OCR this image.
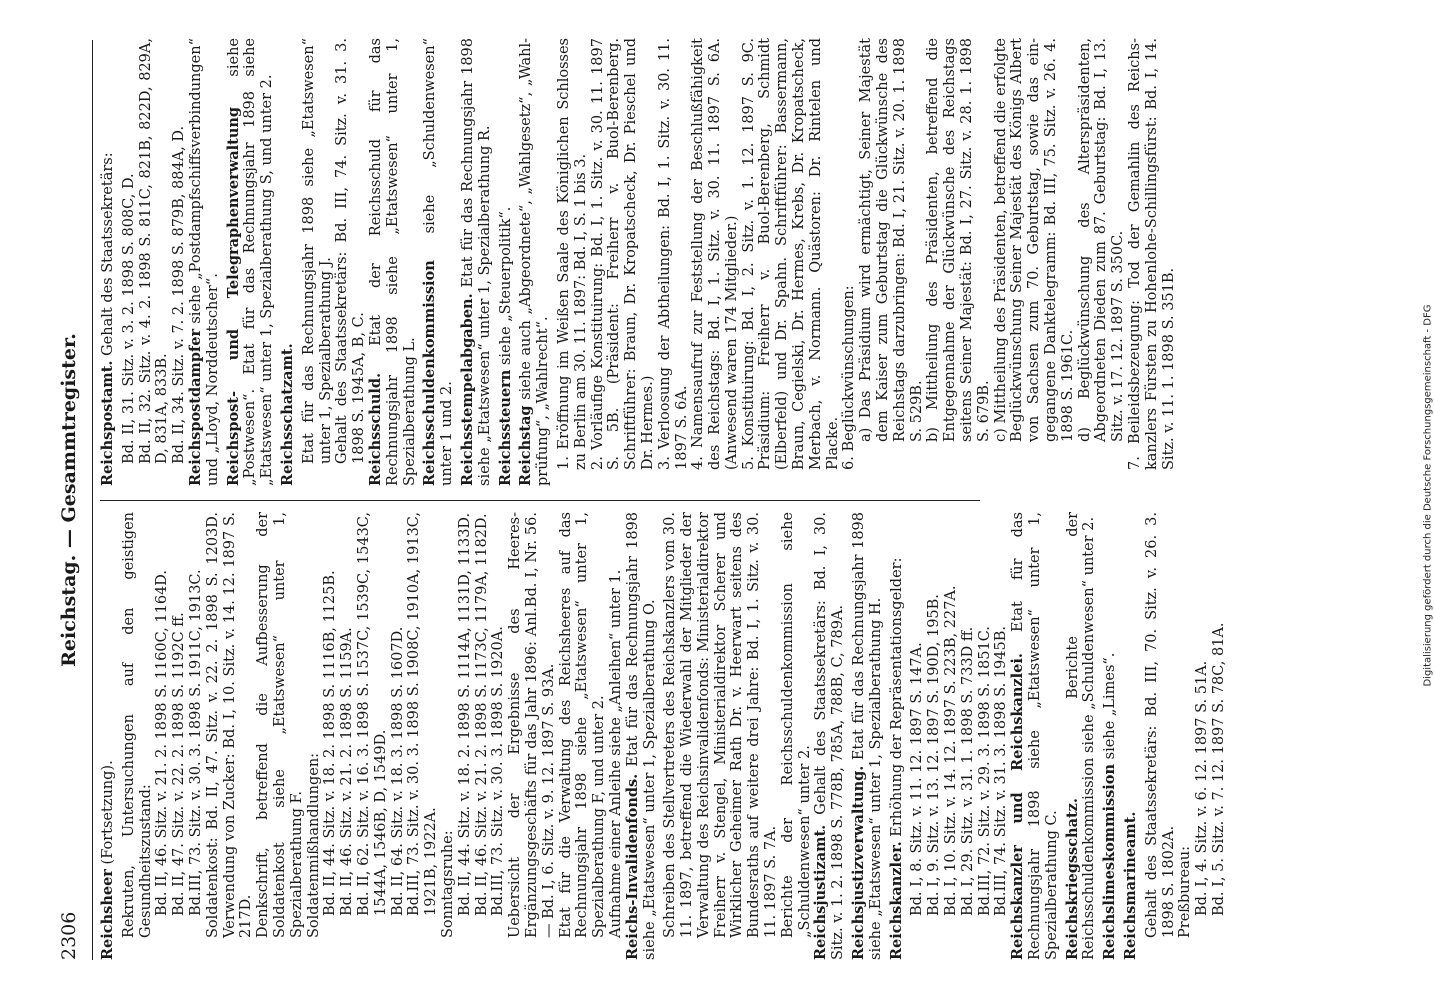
2306
Reichstag. — Gesammtregister.

Reichsheer (Fortsetzung). Rekruten, Untersuchungen auf den geistigen Gesundheitszustand: Bd. II, 46. Sitz. v. 21. 2. 1898 S. 1160C, 1164D. Bd. II, 47. Sitz. v. 22. 2. 1898 S. 1192C ff. Bd.III, 73. Sitz. v. 30. 3. 1898 S. 1911C, 1913C. Soldatenkost: Bd. II, 47. Sitz. v. 22. 2. 1898 S. 1203D. Verwendung von Zucker: Bd. I, 10. Sitz. v. 14. 12. 1897 S. 217D. Denkschrift, betreffend die Aufbesserung der Soldatenkost siehe „Etatswesen“ unter 1, Spezialberathung F. Soldatenmißhandlungen: Bd. II, 44. Sitz. v. 18. 2. 1898 S. 1116B, 1125B. Bd. II, 46. Sitz. v. 21. 2. 1898 S. 1159A. Bd. II, 62. Sitz. v. 16. 3. 1898 S. 1537C, 1539C, 1543C, 1544A, 1546B, D, 1549D. Bd. II, 64. Sitz. v. 18. 3. 1898 S. 1607D. Bd.III, 73. Sitz. v. 30. 3. 1898 S. 1908C, 1910A, 1913C, 1921B, 1922A. Sonntagsruhe: Bd. II, 44. Sitz. v. 18. 2. 1898 S. 1114A, 1131D, 1133D. Bd. II, 46. Sitz. v. 21. 2. 1898 S. 1173C, 1179A, 1182D. Bd.III, 73. Sitz. v. 30. 3. 1898 S. 1920A. Uebersicht der Ergebnisse des Heeres-Ergänzungsgeschäfts für das Jahr 1896: Anl.Bd. I, Nr. 56. — Bd. I, 6. Sitz. v. 9. 12. 1897 S. 93A. Etat für die Verwaltung des Reichsheeres auf das Rechnungsjahr 1898 siehe „Etatswesen“ unter 1, Spezialberathung F, und unter 2. Aufnahme einer Anleihe siehe „Anleihen“ unter 1. Reichs-Invalidenfonds. Etat für das Rechnungsjahr 1898 siehe „Etatswesen“ unter 1, Spezialberathung O. Schreiben des Stellvertreters des Reichskanzlers vom 30. 11. 1897, betreffend die Wiederwahl der Mitglieder der Verwaltung des Reichsinvalidenfonds: Ministerialdirektor Freiherr v. Stengel, Ministerialdirektor Scherer und Wirklicher Geheimer Rath Dr. v. Heerwart seitens des Bundesraths auf weitere drei Jahre: Bd. I, 1. Sitz. v. 30. 11. 1897 S. 7A. Berichte der Reichsschuldenkommission siehe „Schuldenwesen“ unter 2. Reichsjustizamt. Gehalt des Staatssekretärs: Bd. I, 30. Sitz. v. 1. 2. 1898 S. 778B, 785A, 788B, C, 789A. Reichsjustizverwaltung. Etat für das Rechnungsjahr 1898 siehe „Etatswesen“ unter 1, Spezialberathung H. Reichskanzler. Erhöhung der Repräsentationsgelder: Bd. I, 8. Sitz. v. 11. 12. 1897 S. 147A. Bd. I, 9. Sitz. v. 13. 12. 1897 S. 190D, 195B. Bd. I, 10. Sitz. v. 14. 12. 1897 S. 223B, 227A. Bd. I, 29. Sitz. v. 31. 1. 1898 S. 733D ff. Bd.III, 72. Sitz. v. 29. 3. 1898 S. 1851C. Bd.III, 74. Sitz. v. 31. 3. 1898 S. 1945B. Reichskanzler und Reichskanzlei. Etat für das Rechnungsjahr 1898 siehe „Etatswesen“ unter 1, Spezialberathung C. Reichskriegsschatz. Berichte der Reichsschuldenkommission siehe „Schuldenwesen“ unter 2. Reichslimeskommission siehe „Limes“.

Reichsmarineamt. Gehalt des Staatssekretärs: Bd. III, 70. Sitz. v. 26. 3. 1898 S. 1802A. Preßbureau: Bd. I, 4. Sitz. v. 6. 12. 1897 S. 51A. Bd. I, 5. Sitz. v. 7. 12. 1897 S. 78C, 81A.

Reichspostamt. Gehalt des Staatssekretärs: Bd. II, 31. Sitz. v. 3. 2. 1898 S. 808C, D. Bd. II, 32. Sitz. v. 4. 2. 1898 S. 811C, 821B, 822D, 829A, D, 831A, 833B. Bd. II, 34. Sitz. v. 7. 2. 1898 S. 879B, 884A, D. Reichspostdampfer siehe „Postdampfschiffsverbindungen“ und „Lloyd, Norddeutscher“. Reichspost- und Telegraphenverwaltung siehe „Postwesen“. Etat für das Rechnungsjahr 1898 siehe „Etatswesen“ unter 1, Spezialberathung S, und unter 2. Reichsschatzamt. Etat für das Rechnungsjahr 1898 siehe „Etatswesen“ unter 1, Spezialberathung J. Gehalt des Staatssekretärs: Bd. III, 74. Sitz. v. 31. 3. 1898 S. 1945A, B, C. Reichsschuld. Etat der Reichsschuld für das Rechnungsjahr 1898 siehe „Etatswesen“ unter 1, Spezialberathung L. Reichsschuldenkommission siehe „Schuldenwesen“ unter 1 und 2. Reichsstempelabgaben. Etat für das Rechnungsjahr 1898 siehe „Etatswesen“ unter 1, Spezialberathung R. Reichssteuern siehe „Steuerpolitik“.

Reichstag siehe auch „Abgeordnete“, „Wahlgesetz“, „Wahlprüfung“, „Wahlrecht“. 1. Eröffnung im Weißen Saale des Königlichen Schlosses zu Berlin am 30. 11. 1897: Bd. I, S. 1 bis 3. 2. Vorläufige Konstituirung: Bd. I, 1. Sitz. v. 30. 11. 1897 S. 5B. (Präsident: Freiherr v. Buol-Berenberg. Schriftführer: Braun, Dr. Kropatscheck, Dr. Pieschel und Dr. Hermes.) 3. Verloosung der Abtheilungen: Bd. I, 1. Sitz. v. 30. 11. 1897 S. 6A. 4. Namensaufruf zur Feststellung der Beschlußfähigkeit des Reichstags: Bd. I, 1. Sitz. v. 30. 11. 1897 S. 6A. (Anwesend waren 174 Mitglieder.) 5. Konstituirung: Bd. I, 2. Sitz. v. 1. 12. 1897 S. 9C. Präsidium: Freiherr v. Buol-Berenberg, Schmidt (Elberfeld) und Dr. Spahn. Schriftführer: Bassermann, Braun, Cegielski, Dr. Hermes, Krebs, Dr. Kropatscheck, Merbach, v. Normann. Quästoren: Dr. Rintelen und Placke. 6. Beglückwünschungen: a) Das Präsidium wird ermächtigt, Seiner Majestät dem Kaiser zum Geburtstag die Glückwünsche des Reichstags darzubringen: Bd. I, 21. Sitz. v. 20. 1. 1898 S. 529B. b) Mittheilung des Präsidenten, betreffend die Entgegennahme der Glückwünsche des Reichstags seitens Seiner Majestät: Bd. I, 27. Sitz. v. 28. 1. 1898 S. 679B. c) Mittheilung des Präsidenten, betreffend die erfolgte Beglückwünschung Seiner Majestät des Königs Albert von Sachsen zum 70. Geburtstag, sowie das eingegangene Danktelegramm: Bd. III, 75. Sitz. v. 26. 4. 1898 S. 1961C. d) Beglückwünschung des Alterspräsidenten, Abgeordneten Dieden zum 87. Geburtstag: Bd. I, 13. Sitz. v. 17. 12. 1897 S. 350C. 7. Beileidsbezeugung: Tod der Gemahlin des Reichskanzlers Fürsten zu Hohenlohe-Schillingsfürst: Bd. I, 14. Sitz. v. 11. 1. 1898 S. 351B.	Digitalisierung gefördert durch die Deutsche Forschungsgemeinschaft - DFG
